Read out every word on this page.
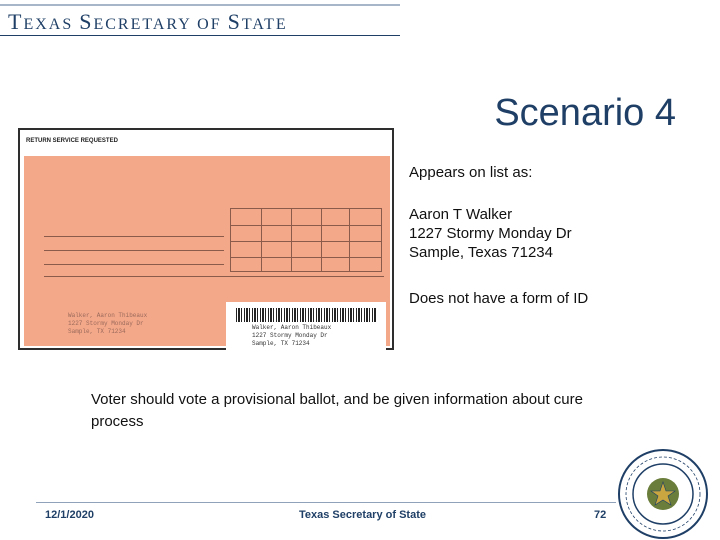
TEXAS SECRETARY OF STATE
Scenario 4
RETURN SERVICE REQUESTED
Walker, Aaron Thibeaux
1227 Stormy Monday Dr
Sample, TX 71234
Walker, Aaron Thibeaux
1227 Stormy Monday Dr
Sample, TX 71234
Appears on list as:
Aaron T Walker
1227 Stormy Monday Dr
Sample, Texas 71234
Does not have a form of ID
Voter should vote a provisional ballot, and be given information about cure process
12/1/2020	Texas Secretary of State	72
